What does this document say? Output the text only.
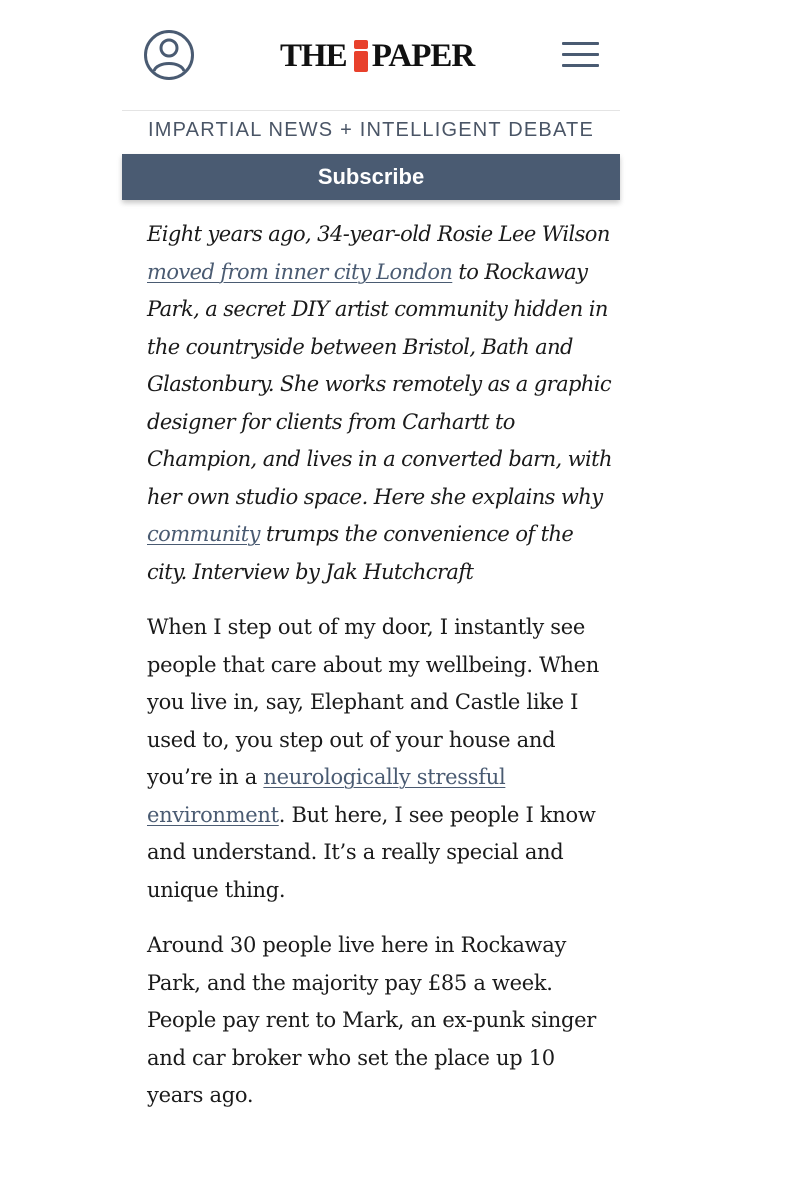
THE PAPER
IMPARTIAL NEWS + INTELLIGENT DEBATE
Subscribe

Eight years ago, 34-year-old Rosie Lee Wilson moved from inner city London to Rockaway Park, a secret DIY artist community hidden in the countryside between Bristol, Bath and Glastonbury. She works remotely as a graphic designer for clients from Carhartt to Champion, and lives in a converted barn, with her own studio space. Here she explains why community trumps the convenience of the city. Interview by Jak Hutchcraft

When I step out of my door, I instantly see people that care about my wellbeing. When you live in, say, Elephant and Castle like I used to, you step out of your house and you’re in a neurologically stressful environment. But here, I see people I know and understand. It’s a really special and unique thing.

Around 30 people live here in Rockaway Park, and the majority pay £85 a week. People pay rent to Mark, an ex-punk singer and car broker who set the place up 10 years ago.
